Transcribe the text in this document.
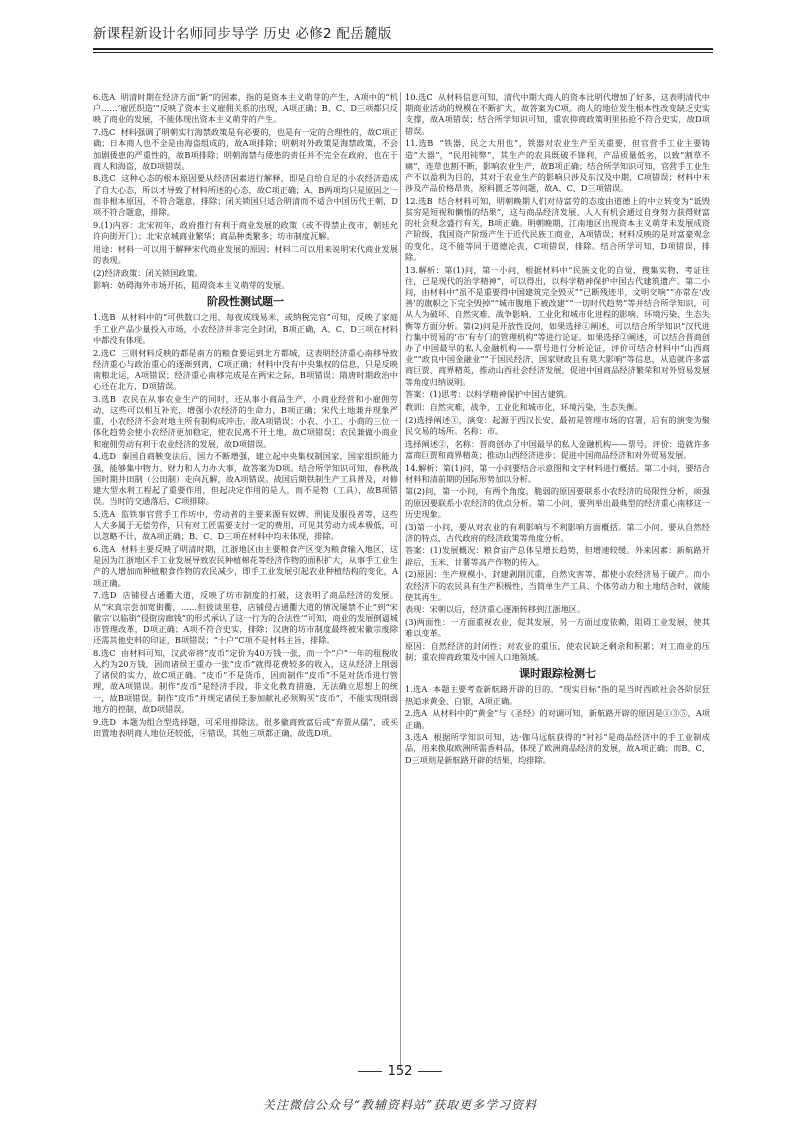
新课程新设计名师同步导学 历史 必修2 配岳麓版
6.选A  明清时期在经济方面“新”的因素，指的是资本主义萌芽的产生，A项中的“机户……‘雇匠织造’”反映了资本主义雇佣关系的出现，A项正确；B、C、D三项都只反映了商业的发展，不能体现出资本主义萌芽的产生。
7.选C  材料强调了明朝实行海禁政策是有必要的，也是有一定的合理性的，故C项正确；日本商人也不全是由海盗组成的，故A项排除；明朝对外政策是海禁政策，不会加剧倭患的严重性的，故B项排除；明朝海禁与倭患的责任并不完全在政府，也在于商人和海盗，故D项错误。
8.选C  这种心态的根本原因要从经济因素进行解释，即是自给自足的小农经济造成了自大心态，所以才导致了材料所述的心态，故C项正确；A、B两项均只是原因之一而非根本原因，不符合题意，排除；闭关锁国只适合明清而不适合中国历代王朝，D项不符合题意，排除。
9.(1)内容：北宋初年，政府推行有利于商业发展的政策（或不得禁止夜市，朝廷允许向街开门）；北宋京城商业繁华；商品种类繁多；坊市制度瓦解。
用途：材料一可以用于解释宋代商业发展的原因；材料二可以用来说明宋代商业发展的表现。
(2)经济政策：闭关锁国政策。
影响：妨碍海外市场开拓，阻碍资本主义萌芽的发展。
阶段性测试题一
1.选B  从材料中的“可供数口之用，每夜成线易米，或纳税完官”可知，反映了家庭手工业产品少量投入市场，小农经济并非完全封闭，B项正确，A、C、D三项在材料中都没有体现。
2.选C  三则材料反映的都是南方的粮食要运到北方都城，这表明经济重心南移导致经济重心与政治重心的逐渐到离，C项正确；材料中没有中央集权的信息，只是反映南粮北运，A项错误；经济重心南移完成是在两宋之际，B项错误；隋唐时期政治中心还在北方，D项错误。
3.选B  农民在从事农业生产的同时，还从事小商品生产，小商业经营和小雇佣劳动，这些可以相互补充，增强小农经济的生命力，B项正确；宋代土地兼并现象严重，小农经济不会对地主所有制构成冲击，故A项错误；小农、小工、小商的三位一体化趋势会使小农经济更加稳定，使农民离不开土地，故C项错误；农民兼做小商业和雇佣劳动有利于农业经济的发展，故D项错误。
4.选D  秦国自商鞅变法后，国力不断增强，建立起中央集权制国家，国家组织能力强，能够集中物力、财力和人力办大事，故答案为D项。结合所学知识可知，春秋战国时期井田制（公田制）走向瓦解，故A项错误。战国后期铁制生产工具普及，对修建大型水利工程起了重要作用，但起决定作用的是人，而不是物（工具），故B项错误。当时的交通落后，C项排除。
5.选A  监铁事官营手工作坊中，劳动者的主要来源有奴婢、刑徒及服役者等，这些人大多属于无偿劳作，只有对工匠需要支付一定的费用，可见其劳动力成本极低，可以忽略不计，故A项正确；B、C、D三项在材料中均未体现，排除。
6.选A  材料主要反映了明清时期，江浙地区由主要粮食产区变为粮食输入地区，这是因为江浙地区手工业发展导致农民种植棉花等经济作物的面积扩大，从事手工业生产的人增加而种植粮食作物的农民减少，即手工业发展引起农业种植结构的变化，A项正确。
7.选D  店铺侵占通衢大道，反映了坊市制度的打破，这表明了商品经济的发展。从“宋真宗尝加宽街衢，……但彼谈里巷，店铺侵占通衢大道的情况屡禁不止”到“宋徽宗‘以临街“侵街房廊钱”的形式承认了这一行为的合法性’”可知，商业的发展倒逼城市管理改革，D项正确；A项不符合史实，排除；汉唐的坊市制度最终被宋徽宗废除还需其他史料的印证，B项错误；“十户”C项不是材料主旨，排除。
8.选C  由材料可知，汉武帝将“皮币”定价为40万钱一张，而一个“户”一年的租税收入约为20万钱，因而诸侯王重办一张“皮币”就得花费较多的收入，这从经济上削弱了诸侯的实力，故C项正确。“皮币”不是货币，因而制作“皮币”不是对货币进行管理，故A项错误。制作“皮币”是经济手段，非文化教育措施，无法确立思想上的统一，故B项错误。制作“皮币”并规定诸侯王参加献礼必须购买“皮币”，不能实现削弱地方的控制，故D项错误。
9.选D  本题为组合型选择题，可采用排除法。很多徽商致富后或“弃贾从儒”，或买田置地表明商人地位还较低，④错误，其他三项都正确，故选D项。
10.选C  从材料信息可知，清代中期大商人的资本比明代增加了好多，这表明清代中期商业活动的规模在不断扩大，故答案为C项。商人的地位发生根本性改变缺乏史实支撑，故A项错误；结合所学知识可知，重农抑商政策明里拓抢不符合史实，故D项错误。
11.选B  “铁器，民之大用也”，铁器对农业生产至关重要，但官营手工业主要铸造“大器”，“民用钝弊”，其生产的农具既破不锋利，产品质量低劣，以致“割草不痛”，连草也割不断，影响农业生产，故B项正确；结合所学知识可知，官营手工业生产不以盈利为目的，其对于农业生产的影响只涉及东汉及中期，C项错误；材料中未涉及产品价格昂贵，原料匮乏等问题，故A、C、D三项错误。
12.选B  结合材料可知，明朝晚期人们对待富劳的态度由道德上的中立转变为“诋毁贫穷是短视和懒惰的结果”，这与商品经济发展、人人有机会通过自身努力获得财富的社会观念盛行有关，B项正确。明朝晚期，江南地区出现资本主义萌芽未发展成资产阶级，我国资产阶级产生于近代民族工商业，A项错误；材料反映的是对富豪观念的变化，这不能等同于道德沦丧，C项错误，排除。结合所学可知，D项错误，排除。
13.解析：第(1)问，第一小问，根据材料中“民族文化的自觉，搜集实物，考证往往，已是现代的治学精神”，可以得出，以科学精神保护中国古代建筑遗产。第二小问，由材料中“虽不是重要得中国建筑完全毁灭”“已断残迹半，文明交响”“亦常在‘改善’的旗帜之下完全毁掉”“城市腹地下被改建”“一切时代趋势”等并结合所学知识，可从人为破坏、自然灾难、战争影响、工业化和城市化进程的影响、环境污染、生态失衡等方面分析。第(2)问是开放性设问，如果选择①阐述，可以结合所学知识“汉代进行集中贸易的‘市’有专门的管理机构”等进行论证。如果选择②阐述，可以结合晋商创办了中国最早的私人金融机构——票号进行分析论证，评价可结合材料中“山西商业”“政良中国金融业”“于国民经济、国家财政且有莫大影响”等信息，从造就许多富商巨贾、商界精英，推动山西社会经济发展，促进中国商品经济繁荣和对外贸易发展等角度归纳说明。
答案：(1)思考：以科学精神保护中国古建筑。
教训：自然灾难，战争，工业化和城市化，环境污染，生态失衡。
(2)选择阐述①，演变：起源于西汉长安，最初是管理市场的官署，后有的演变为聚民交易的场所。名称：市。
选择阐述②，名称：晋商创办了中国最早的私人金融机构——票号。评价：造就许多富商巨贾和商界精英；推动山西经济进步；促进中国商品经济和对外贸易发展。
14.解析：第(1)问，第一小问要结合示意图和文字材料进行概括。第二小问，要结合材料和清前期的国际形势加以分析。
第(2)问，第一小问，有两个角度，脆弱的原因要联系小农经济的局限性分析，顽强的原因要联系小农经济的优点分析。第二小问，要列举出最典型的经济重心南移这一历史现象。
(3)第一小问，要从对农业的有利影响与不利影响方面概括。第二小问，要从自然经济的特点、古代政府的经济政策等角度分析。
答案：(1)发展概况：粮食亩产总体呈增长趋势，但增速较缓。外来因素：新航路开辟后，玉米、甘薯等高产作物的传入。
(2)原因：生产规模小，封建剥削沉重，自然灾害等，都使小农经济易于破产。而小农经济下的农民具有生产积极性，当简单生产工具、个体劳动力和土地结合时，就能使其再生。
表现：宋朝以后，经济重心逐渐转移到江浙地区。
(3)两面性：一方面重视农业，促其发展，另一方面过度依赖，阻碍工业发展，使其难以变革。
原因：自然经济的封闭性；对农业的重压，使农民缺乏剩余和积累；对工商业的压制；重农抑商政策及中国人口地领域。
课时跟踪检测七
1.选A  本题主要考查新航路开辟的目的。“现实目标”指的是当时西欧社会各阶层狂热追求黄金、白银，A项正确。
2.选A  从材料中的“黄金”与《圣经》的对调可知，新航路开辟的原因是①③⑤，A项正确。
3.选A  根据所学知识可知，达·伽马远航获得的“衬衫”是商品经济中的手工业制成品，用来换取欧洲所需香料品，体现了欧洲商品经济的发展，故A项正确；而B、C、D三项则是新航路开辟的结果，均排除。
152
关注微信公众号“教辅资料站”获取更多学习资料
